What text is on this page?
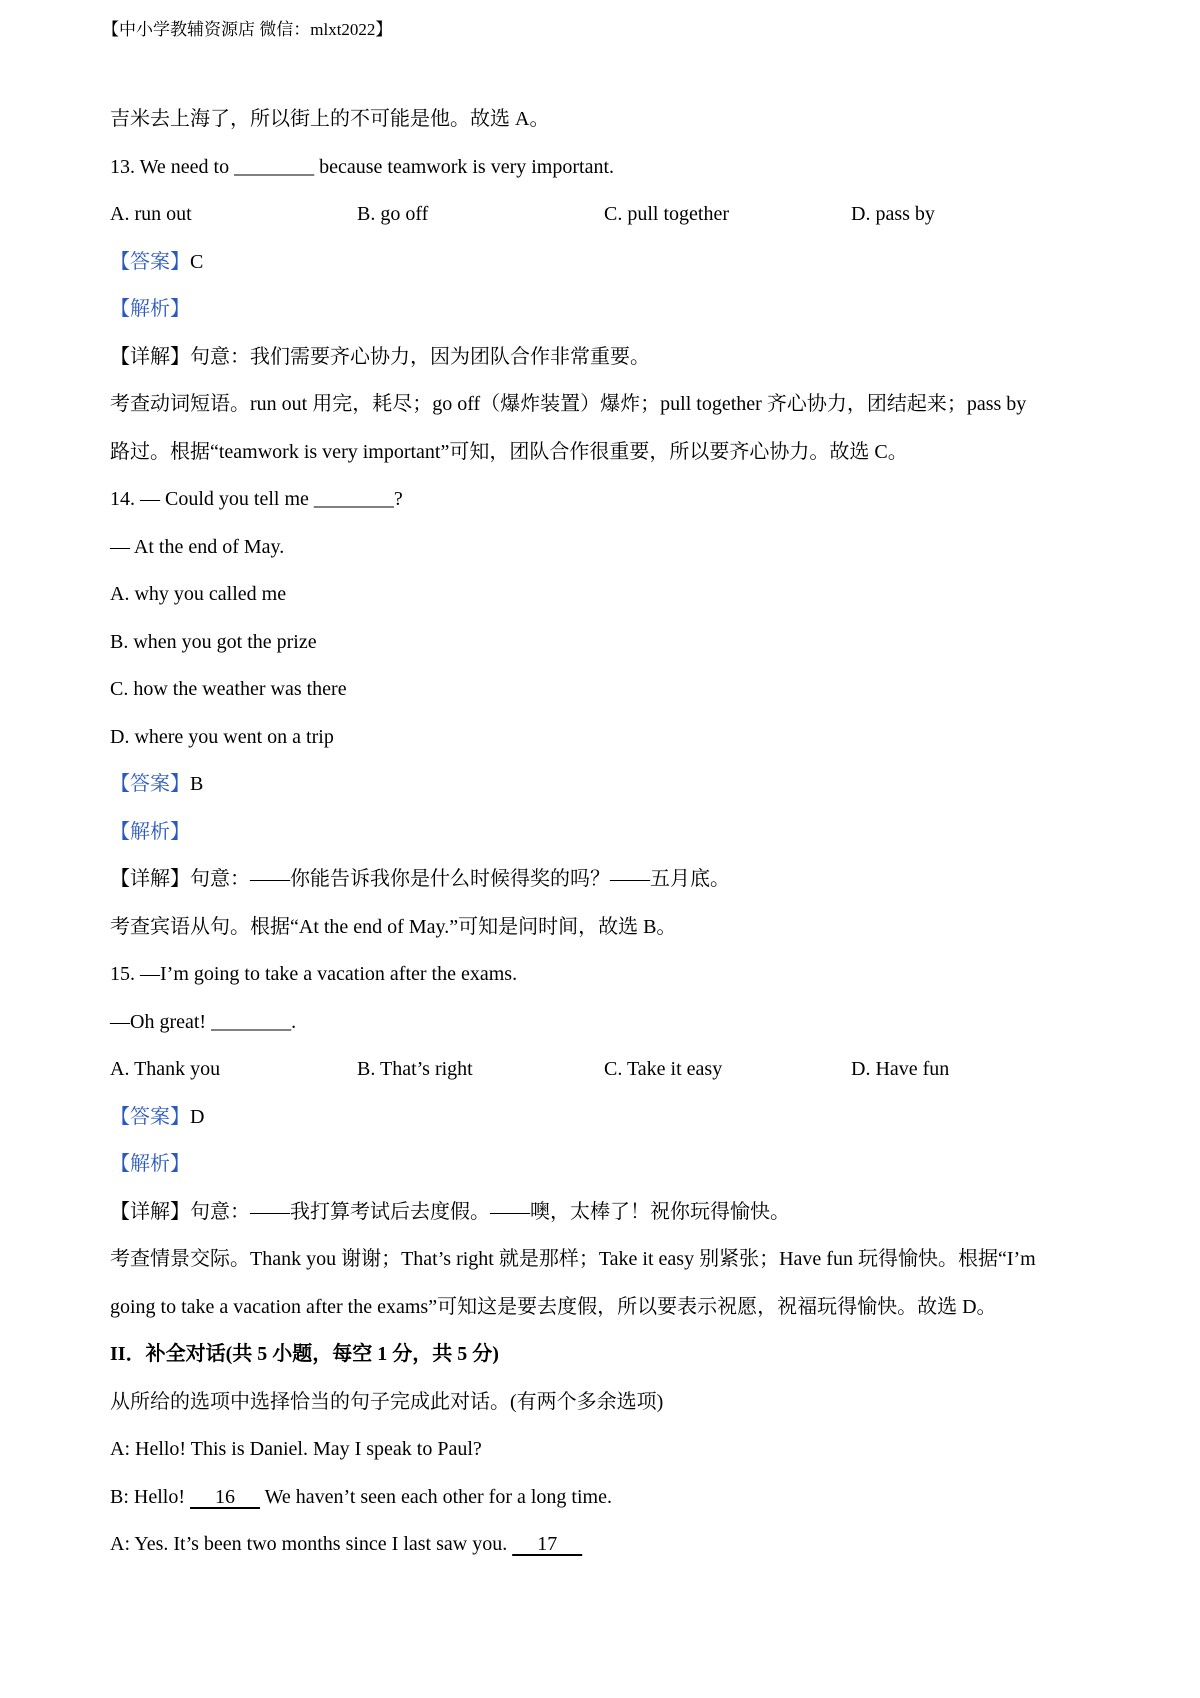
【中小学教辅资源店 微信：mlxt2022】
吉米去上海了，所以街上的不可能是他。故选 A。
13. We need to ________ because teamwork is very important.
A. run out	B. go off	C. pull together	D. pass by
【答案】C
【解析】
【详解】句意：我们需要齐心协力，因为团队合作非常重要。
考查动词短语。run out 用完，耗尽；go off（爆炸装置）爆炸；pull together 齐心协力，团结起来；pass by
路过。根据“teamwork is very important”可知，团队合作很重要，所以要齐心协力。故选 C。
14. — Could you tell me ________?
— At the end of May.
A. why you called me
B. when you got the prize
C. how the weather was there
D. where you went on a trip
【答案】B
【解析】
【详解】句意：——你能告诉我你是什么时候得奖的吗？——五月底。
考查宾语从句。根据“At the end of May.”可知是问时间，故选 B。
15. —I’m going to take a vacation after the exams.
—Oh great! ________.
A. Thank you	B. That’s right	C. Take it easy	D. Have fun
【答案】D
【解析】
【详解】句意：——我打算考试后去度假。——噢，太棒了！祝你玩得愉快。
考查情景交际。Thank you 谢谢；That’s right 就是那样；Take it easy 别紧张；Have fun 玩得愉快。根据“I’m
going to take a vacation after the exams”可知这是要去度假，所以要表示祝愿，祝福玩得愉快。故选 D。
II．补全对话(共 5 小题，每空 1 分，共 5 分)
从所给的选项中选择恰当的句子完成此对话。(有两个多余选项)
A: Hello! This is Daniel. May I speak to Paul?
B: Hello!      16      We haven’t seen each other for a long time.
A: Yes. It’s been two months since I last saw you.      17
